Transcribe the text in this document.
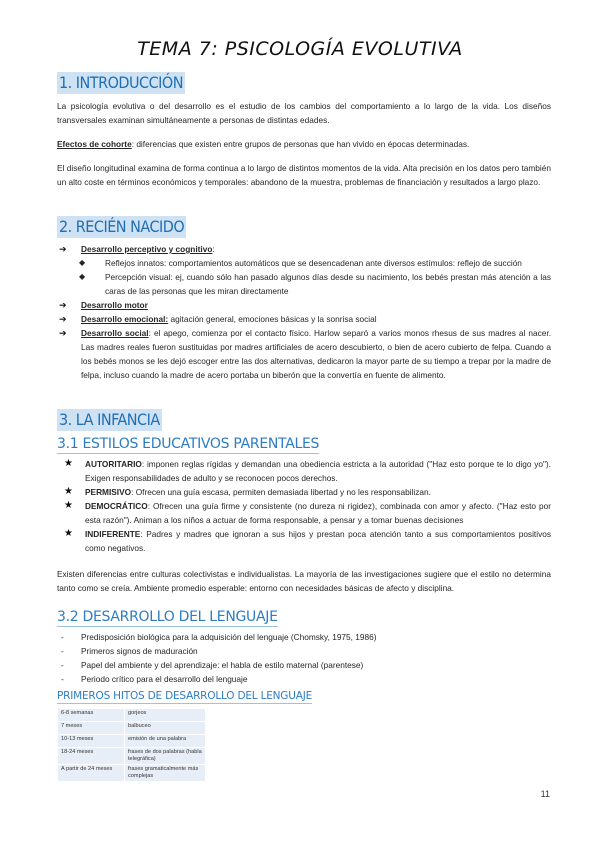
TEMA 7: PSICOLOGÍA EVOLUTIVA
1. INTRODUCCIÓN

La psicología evolutiva o del desarrollo es el estudio de los cambios del comportamiento a lo largo de la vida. Los diseños transversales examinan simultáneamente a personas de distintas edades.

Efectos de cohorte: diferencias que existen entre grupos de personas que han vivido en épocas determinadas.

El diseño longitudinal examina de forma continua a lo largo de distintos momentos de la vida. Alta precisión en los datos pero también un alto coste en términos económicos y temporales: abandono de la muestra, problemas de financiación y resultados a largo plazo.

2. RECIÉN NACIDO
➔ Desarrollo perceptivo y cognitivo:
◆ Reflejos innatos: comportamientos automáticos que se desencadenan ante diversos estímulos: reflejo de succión
◆ Percepción visual: ej, cuando sólo han pasado algunos días desde su nacimiento, los bebés prestan más atención a las caras de las personas que les miran directamente
➔ Desarrollo motor
➔ Desarrollo emocional: agitación general, emociones básicas y la sonrisa social
➔ Desarrollo social: el apego, comienza por el contacto físico. Harlow separó a varios monos rhesus de sus madres al nacer. Las madres reales fueron sustituidas por madres artificiales de acero descubierto, o bien de acero cubierto de felpa. Cuando a los bebés monos se les dejó escoger entre las dos alternativas, dedicaron la mayor parte de su tiempo a trepar por la madre de felpa, incluso cuando la madre de acero portaba un biberón que la convertía en fuente de alimento.
3. LA INFANCIA
3.1 ESTILOS EDUCATIVOS PARENTALES
★ AUTORITARIO: imponen reglas rígidas y demandan una obediencia estricta a la autoridad ("Haz esto porque te lo digo yo"). Exigen responsabilidades de adulto y se reconocen pocos derechos.
★ PERMISIVO: Ofrecen una guía escasa, permiten demasiada libertad y no les responsabilizan.
★ DEMOCRÁTICO: Ofrecen una guía firme y consistente (no dureza ni rigidez), combinada con amor y afecto. ("Haz esto por esta razón"). Animan a los niños a actuar de forma responsable, a pensar y a tomar buenas decisiones
★ INDIFERENTE: Padres y madres que ignoran a sus hijos y prestan poca atención tanto a sus comportamientos positivos como negativos.

Existen diferencias entre culturas colectivistas e individualistas. La mayoría de las investigaciones sugiere que el estilo no determina tanto como se creía. Ambiente promedio esperable: entorno con necesidades básicas de afecto y disciplina.

3.2 DESARROLLO DEL LENGUAJE
- Predisposición biológica para la adquisición del lenguaje (Chomsky, 1975, 1986)
- Primeros signos de maduración
- Papel del ambiente y del aprendizaje: el habla de estilo maternal (parentese)
- Periodo crítico para el desarrollo del lenguaje
PRIMEROS HITOS DE DESARROLLO DEL LENGUAJE
6-8 semanas	gorjeos
7 meses	balbuceo
10-13 meses	emisión de una palabra
18-24 meses	frases de dos palabras (habla telegráfica)
A partir de 24 meses	frases gramaticalmente más complejas
11
